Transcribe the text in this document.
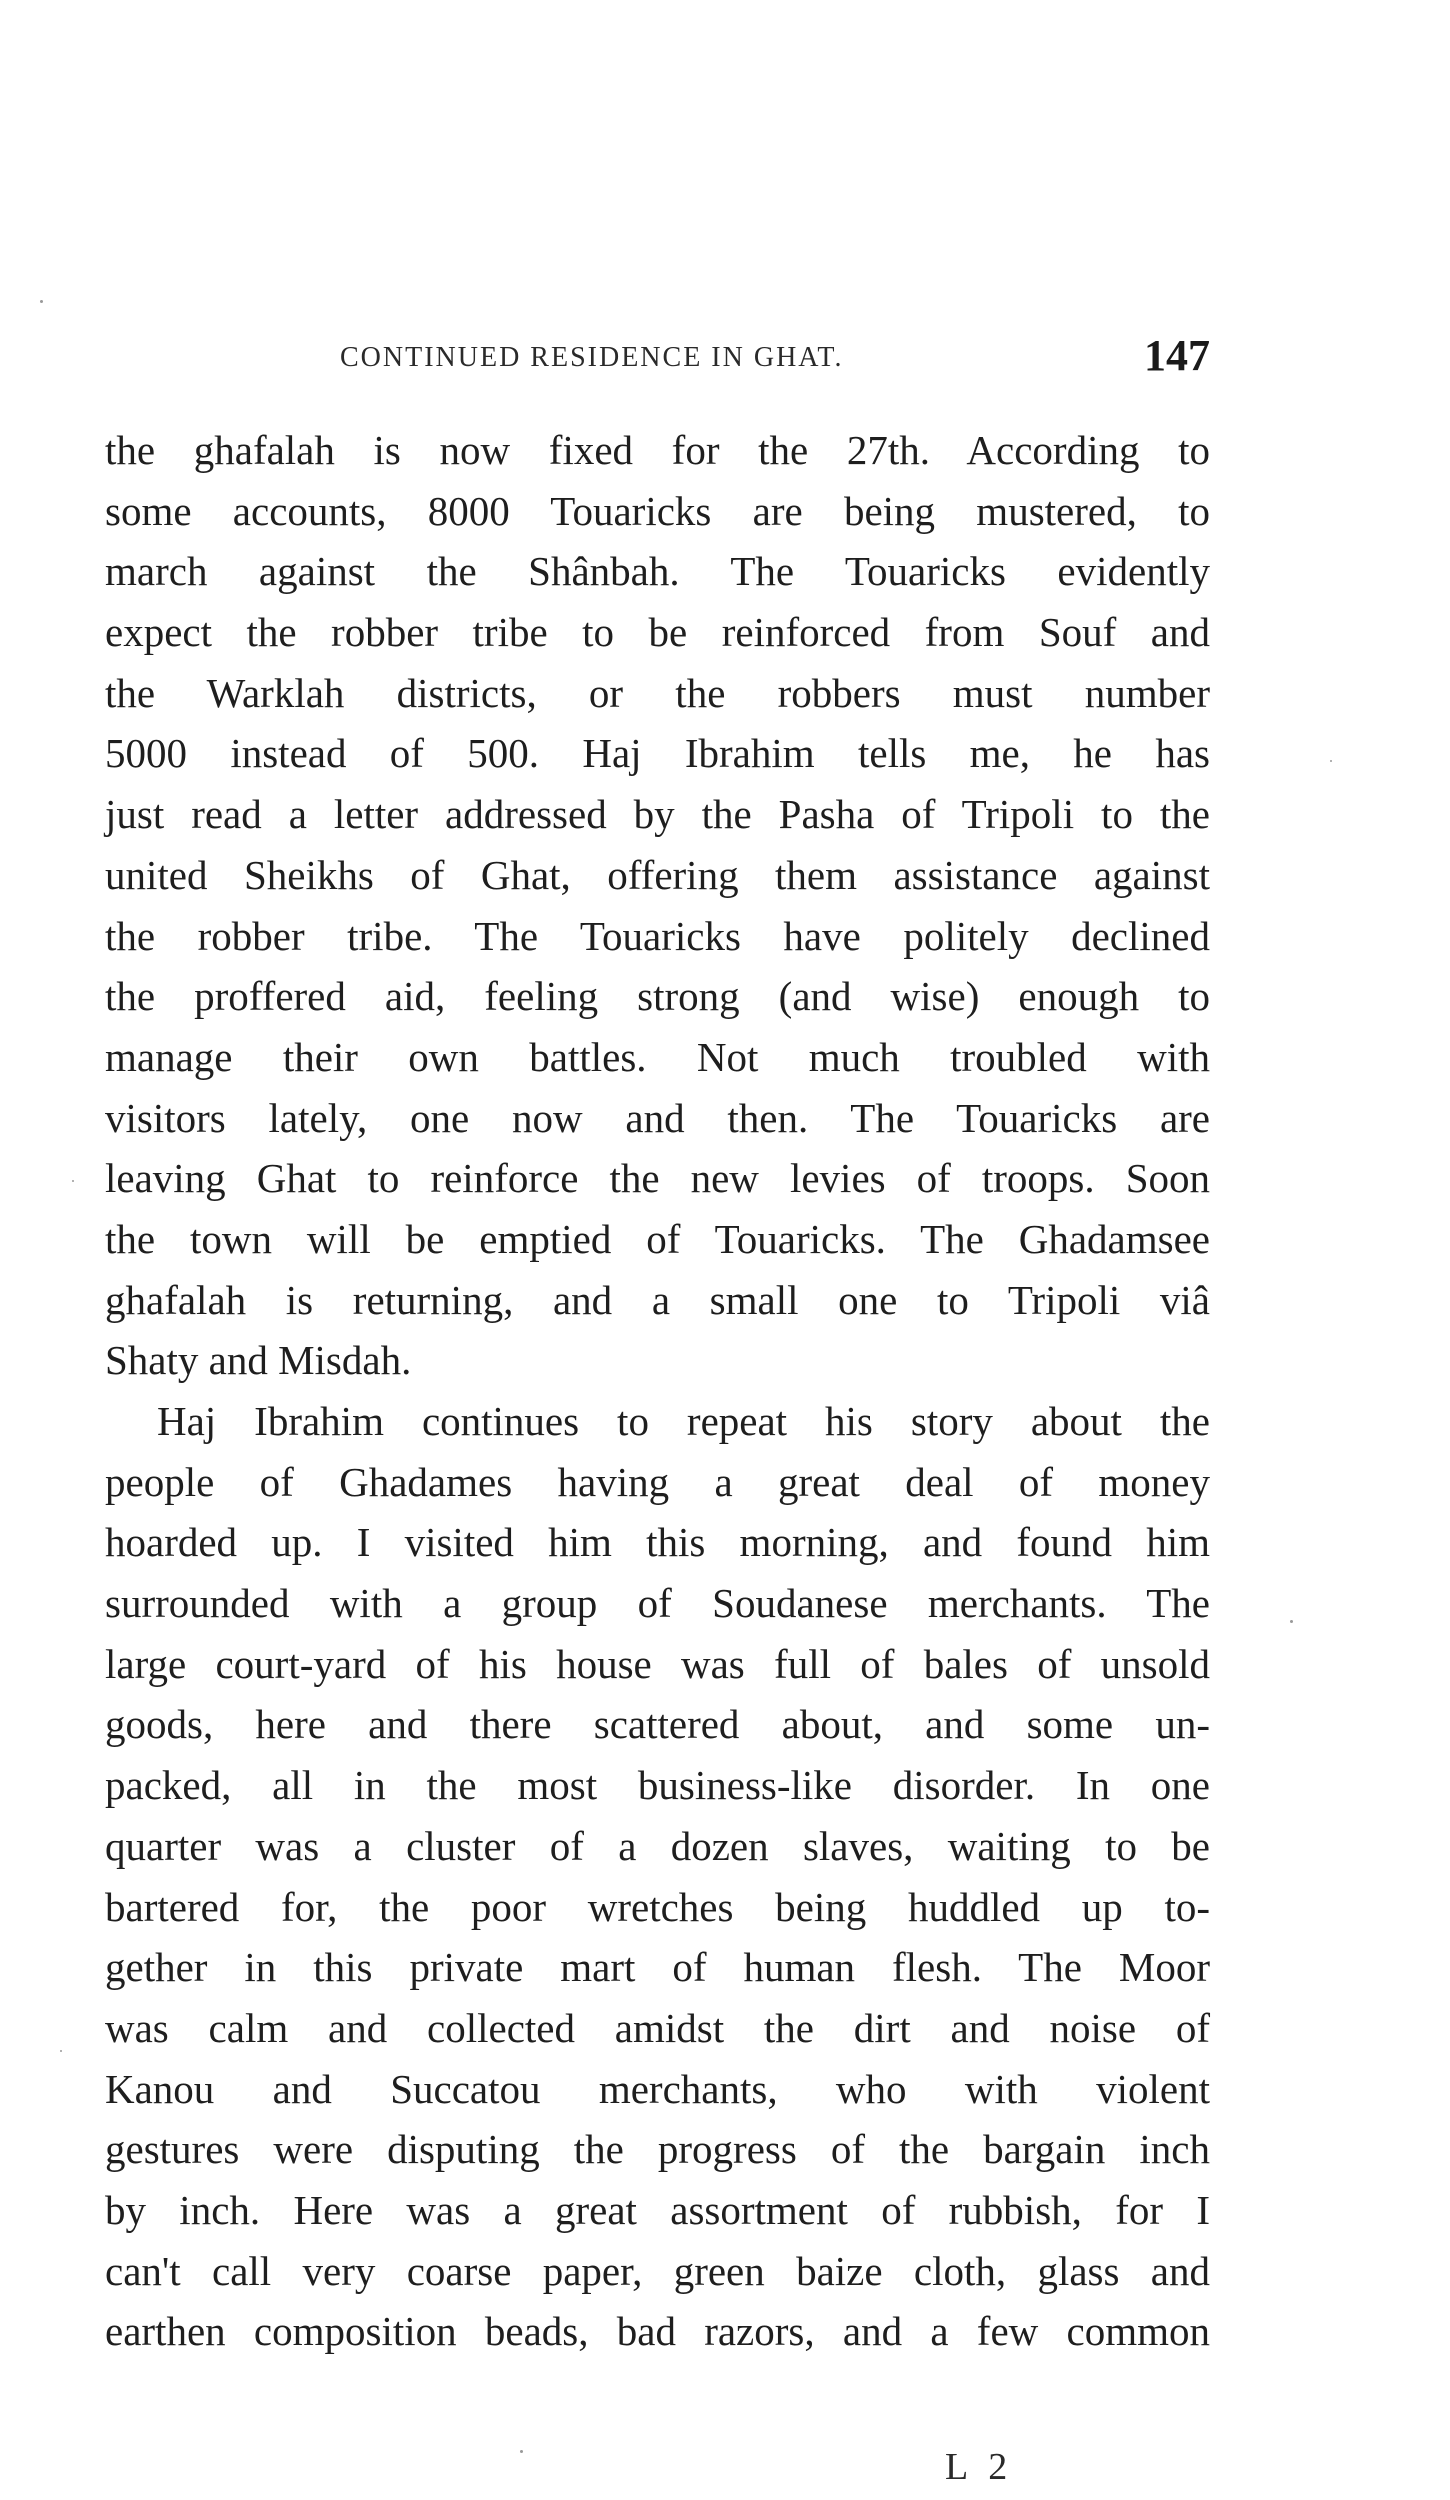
CONTINUED RESIDENCE IN GHAT.	147
the ghafalah is now fixed for the 27th. According to
some accounts, 8000 Touaricks are being mustered, to
march against the Shânbah. The Touaricks evidently
expect the robber tribe to be reinforced from Souf and
the Warklah districts, or the robbers must number
5000 instead of 500. Haj Ibrahim tells me, he has
just read a letter addressed by the Pasha of Tripoli to the
united Sheikhs of Ghat, offering them assistance against
the robber tribe. The Touaricks have politely declined
the proffered aid, feeling strong (and wise) enough to
manage their own battles. Not much troubled with
visitors lately, one now and then. The Touaricks are
leaving Ghat to reinforce the new levies of troops. Soon
the town will be emptied of Touaricks. The Ghadamsee
ghafalah is returning, and a small one to Tripoli viâ
Shaty and Misdah.
Haj Ibrahim continues to repeat his story about the
people of Ghadames having a great deal of money
hoarded up. I visited him this morning, and found him
surrounded with a group of Soudanese merchants. The
large court-yard of his house was full of bales of unsold
goods, here and there scattered about, and some un-
packed, all in the most business-like disorder. In one
quarter was a cluster of a dozen slaves, waiting to be
bartered for, the poor wretches being huddled up to-
gether in this private mart of human flesh. The Moor
was calm and collected amidst the dirt and noise of
Kanou and Succatou merchants, who with violent
gestures were disputing the progress of the bargain inch
by inch. Here was a great assortment of rubbish, for I
can't call very coarse paper, green baize cloth, glass and
earthen composition beads, bad razors, and a few common
L 2
